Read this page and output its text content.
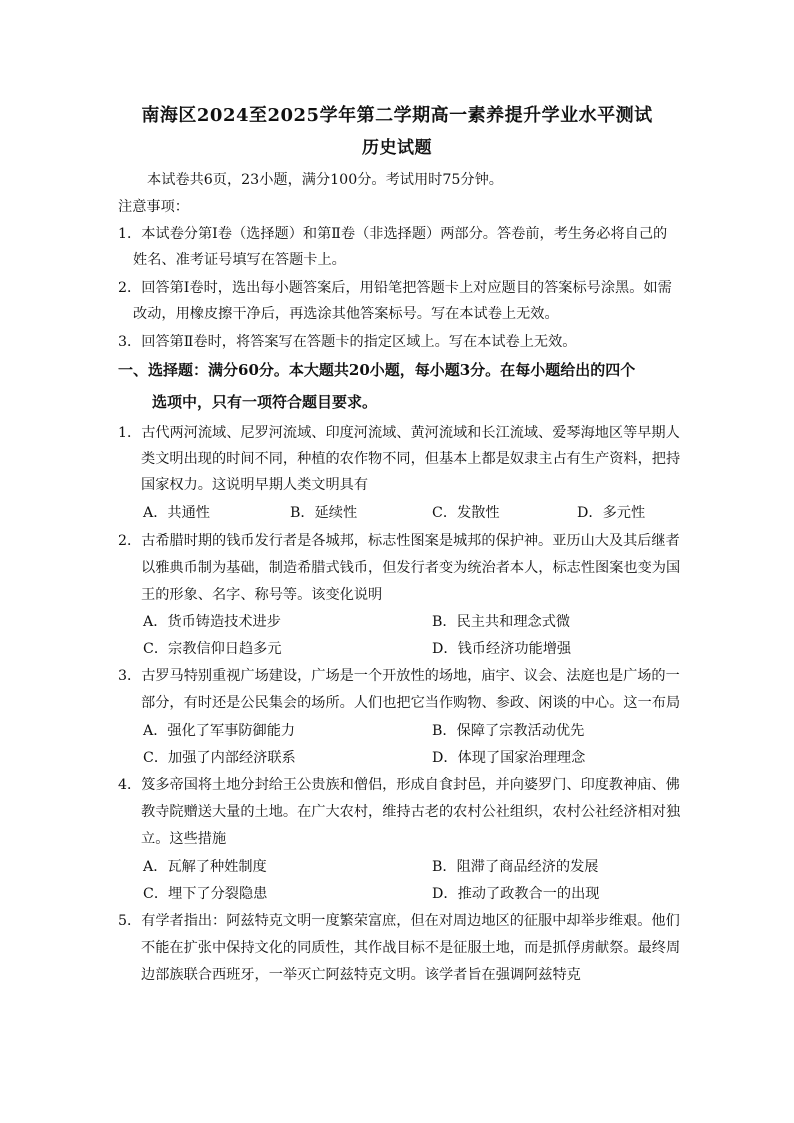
南海区2024至2025学年第二学期高一素养提升学业水平测试
历史试题
本试卷共6页，23小题，满分100分。考试用时75分钟。
注意事项：
1．本试卷分第Ⅰ卷（选择题）和第Ⅱ卷（非选择题）两部分。答卷前，考生务必将自己的
姓名、准考证号填写在答题卡上。
2．回答第Ⅰ卷时，选出每小题答案后，用铅笔把答题卡上对应题目的答案标号涂黑。如需
改动，用橡皮擦干净后，再选涂其他答案标号。写在本试卷上无效。
3．回答第Ⅱ卷时，将答案写在答题卡的指定区域上。写在本试卷上无效。
一、选择题：满分60分。本大题共20小题，每小题3分。在每小题给出的四个
选项中，只有一项符合题目要求。
1．古代两河流域、尼罗河流域、印度河流域、黄河流域和长江流域、爱琴海地区等早期人
类文明出现的时间不同，种植的农作物不同，但基本上都是奴隶主占有生产资料，把持
国家权力。这说明早期人类文明具有
A．共通性	B．延续性	C．发散性	D．多元性
2．古希腊时期的钱币发行者是各城邦，标志性图案是城邦的保护神。亚历山大及其后继者
以雅典币制为基础，制造希腊式钱币，但发行者变为统治者本人，标志性图案也变为国
王的形象、名字、称号等。该变化说明
A．货币铸造技术进步	B．民主共和理念式微
C．宗教信仰日趋多元	D．钱币经济功能增强
3．古罗马特别重视广场建设，广场是一个开放性的场地，庙宇、议会、法庭也是广场的一
部分，有时还是公民集会的场所。人们也把它当作购物、参政、闲谈的中心。这一布局
A．强化了军事防御能力	B．保障了宗教活动优先
C．加强了内部经济联系	D．体现了国家治理理念
4．笈多帝国将土地分封给王公贵族和僧侣，形成自食封邑，并向婆罗门、印度教神庙、佛
教寺院赠送大量的土地。在广大农村，维持古老的农村公社组织，农村公社经济相对独
立。这些措施
A．瓦解了种姓制度	B．阻滞了商品经济的发展
C．埋下了分裂隐患	D．推动了政教合一的出现
5．有学者指出：阿兹特克文明一度繁荣富庶，但在对周边地区的征服中却举步维艰。他们
不能在扩张中保持文化的同质性，其作战目标不是征服土地，而是抓俘虏献祭。最终周
边部族联合西班牙，一举灭亡阿兹特克文明。该学者旨在强调阿兹特克
